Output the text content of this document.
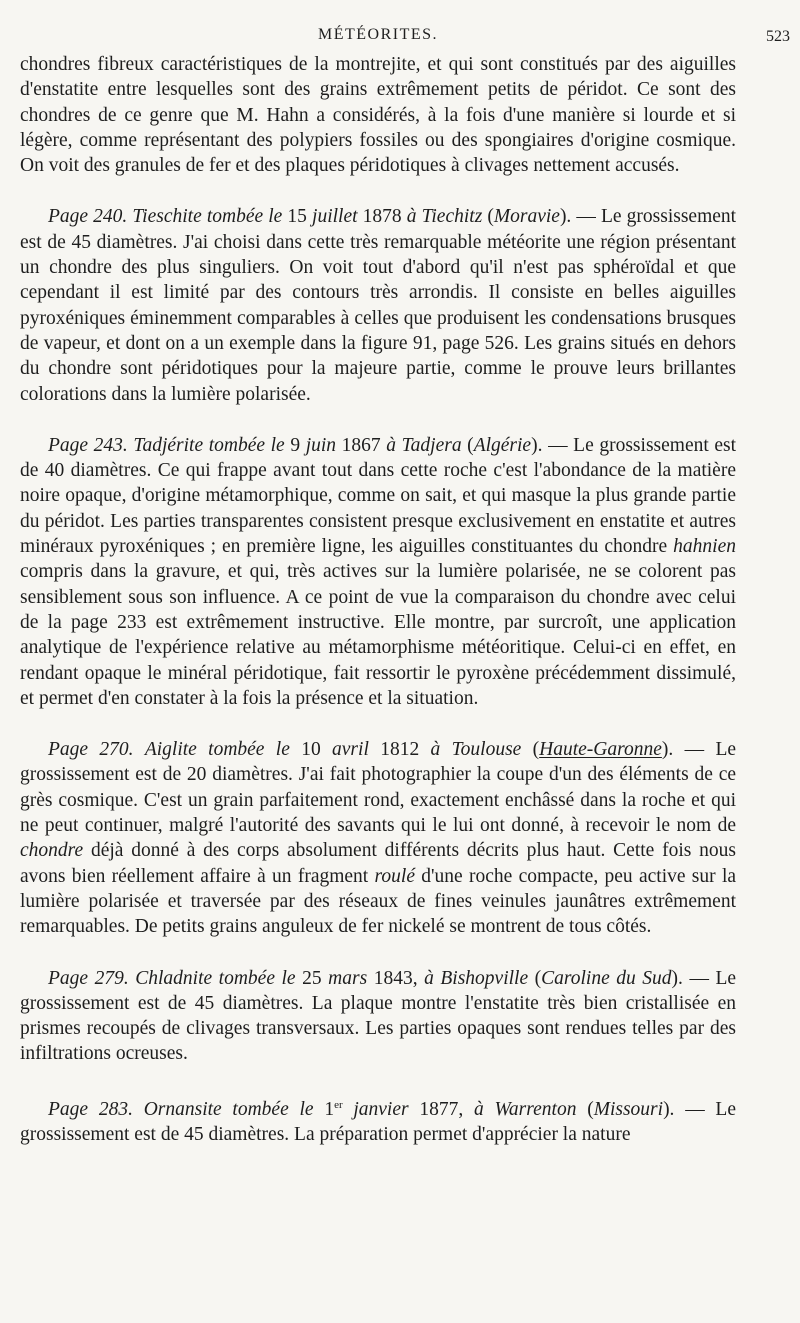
MÉTÉORITES.	523

chondres fibreux caractéristiques de la montrejite, et qui sont constitués par des aiguilles d'enstatite entre lesquelles sont des grains extrêmement petits de péridot. Ce sont des chondres de ce genre que M. Hahn a considérés, à la fois d'une manière si lourde et si légère, comme représentant des polypiers fossiles ou des spongiaires d'origine cosmique. On voit des granules de fer et des plaques péridotiques à clivages nettement accusés.

Page 240. Tieschite tombée le 15 juillet 1878 à Tiechitz (Moravie). — Le grossissement est de 45 diamètres. J'ai choisi dans cette très remarquable météorite une région présentant un chondre des plus singuliers. On voit tout d'abord qu'il n'est pas sphéroïdal et que cependant il est limité par des contours très arrondis. Il consiste en belles aiguilles pyroxéniques éminemment comparables à celles que produisent les condensations brusques de vapeur, et dont on a un exemple dans la figure 91, page 526. Les grains situés en dehors du chondre sont péridotiques pour la majeure partie, comme le prouve leurs brillantes colorations dans la lumière polarisée.

Page 243. Tadjérite tombée le 9 juin 1867 à Tadjera (Algérie). — Le grossissement est de 40 diamètres. Ce qui frappe avant tout dans cette roche c'est l'abondance de la matière noire opaque, d'origine métamorphique, comme on sait, et qui masque la plus grande partie du péridot. Les parties transparentes consistent presque exclusivement en enstatite et autres minéraux pyroxéniques ; en première ligne, les aiguilles constituantes du chondre hahnien compris dans la gravure, et qui, très actives sur la lumière polarisée, ne se colorent pas sensiblement sous son influence. A ce point de vue la comparaison du chondre avec celui de la page 233 est extrêmement instructive. Elle montre, par surcroît, une application analytique de l'expérience relative au métamorphisme météoritique. Celui-ci en effet, en rendant opaque le minéral péridotique, fait ressortir le pyroxène précédemment dissimulé, et permet d'en constater à la fois la présence et la situation.

Page 270. Aiglite tombée le 10 avril 1812 à Toulouse (Haute-Garonne). — Le grossissement est de 20 diamètres. J'ai fait photographier la coupe d'un des éléments de ce grès cosmique. C'est un grain parfaitement rond, exactement enchâssé dans la roche et qui ne peut continuer, malgré l'autorité des savants qui le lui ont donné, à recevoir le nom de chondre déjà donné à des corps absolument différents décrits plus haut. Cette fois nous avons bien réellement affaire à un fragment roulé d'une roche compacte, peu active sur la lumière polarisée et traversée par des réseaux de fines veinules jaunâtres extrêmement remarquables. De petits grains anguleux de fer nickelé se montrent de tous côtés.

Page 279. Chladnite tombée le 25 mars 1843, à Bishopville (Caroline du Sud). — Le grossissement est de 45 diamètres. La plaque montre l'enstatite très bien cristallisée en prismes recoupés de clivages transversaux. Les parties opaques sont rendues telles par des infiltrations ocreuses.

Page 283. Ornansite tombée le 1er janvier 1877, à Warrenton (Missouri). — Le grossissement est de 45 diamètres. La préparation permet d'apprécier la nature
